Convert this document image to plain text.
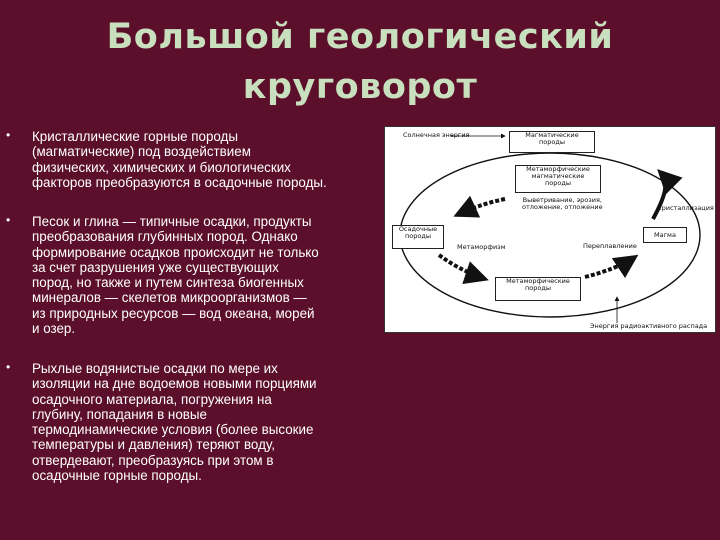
Большой геологический
круговорот
• Кристаллические горные породы
(магматические) под воздействием
физических, химических и биологических
факторов преобразуются в осадочные породы.
• Песок и глина — типичные осадки, продукты
преобразования глубинных пород. Однако
формирование осадков происходит не только
за счет разрушения уже существующих
пород, но также и путем синтеза биогенных
минералов — скелетов микроорганизмов —
из природных ресурсов — вод океана, морей
и озер.
• Рыхлые водянистые осадки по мере их
изоляции на дне водоемов новыми порциями
осадочного материала, погружения на
глубину, попадания в новые
термодинамические условия (более высокие
температуры и давления) теряют воду,
отвердевают, преобразуясь при этом в
осадочные горные породы.
Солнечная энергия	Магматические
породы
Метаморфические
магматические
породы
Выветривание, эрозия,
отложение, отложение	Кристаллизация
Осадочные
породы	Магма
Метаморфизм	Переплавление
Метаморфические
породы
Энергия радиоактивного распада
